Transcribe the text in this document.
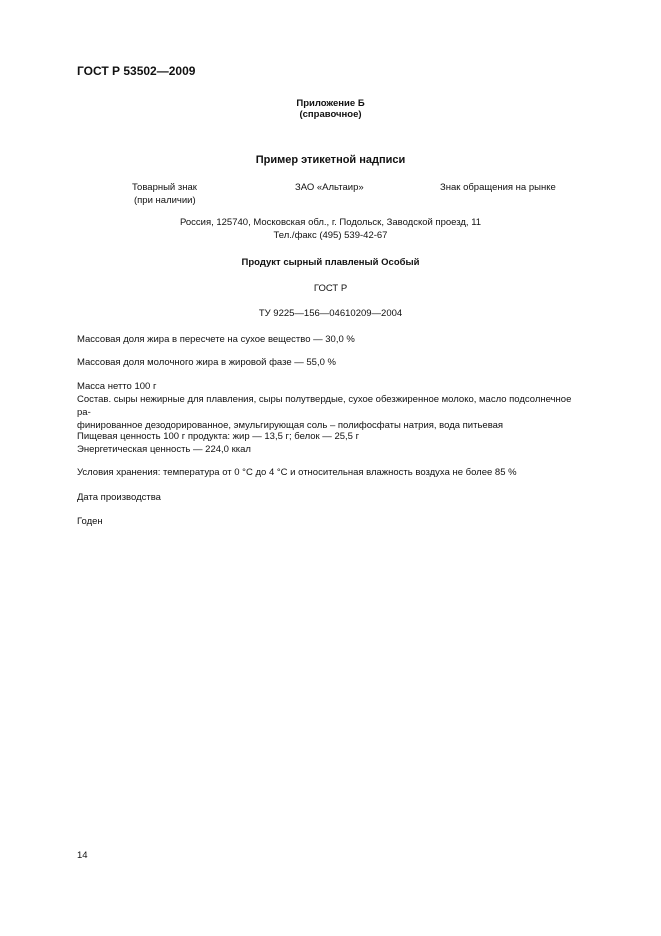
ГОСТ Р 53502—2009
Приложение Б
(справочное)
Пример этикетной надписи
Товарный знак
(при наличии)
ЗАО «Альтаир»	Знак обращения на рынке
Россия, 125740, Московская обл., г. Подольск, Заводской проезд, 11
Тел./факс (495) 539-42-67
Продукт сырный плавленый Особый
ГОСТ Р
ТУ 9225—156—04610209—2004

Массовая доля жира в пересчете на сухое вещество — 30,0 %

Массовая доля молочного жира в жировой фазе — 55,0 %

Масса нетто 100 г

Состав. сыры нежирные для плавления, сыры полутвердые, сухое обезжиренное молоко, масло подсолнечное ра-

финированное дезодорированное, эмульгирующая соль – полифосфаты натрия, вода питьевая

Пищевая ценность 100 г продукта: жир — 13,5 г; белок — 25,5 г

Энергетическая ценность — 224,0 ккал

Условия хранения: температура от 0 °С до 4 °С и относительная влажность воздуха не более 85 %

Дата производства

Годен

14
